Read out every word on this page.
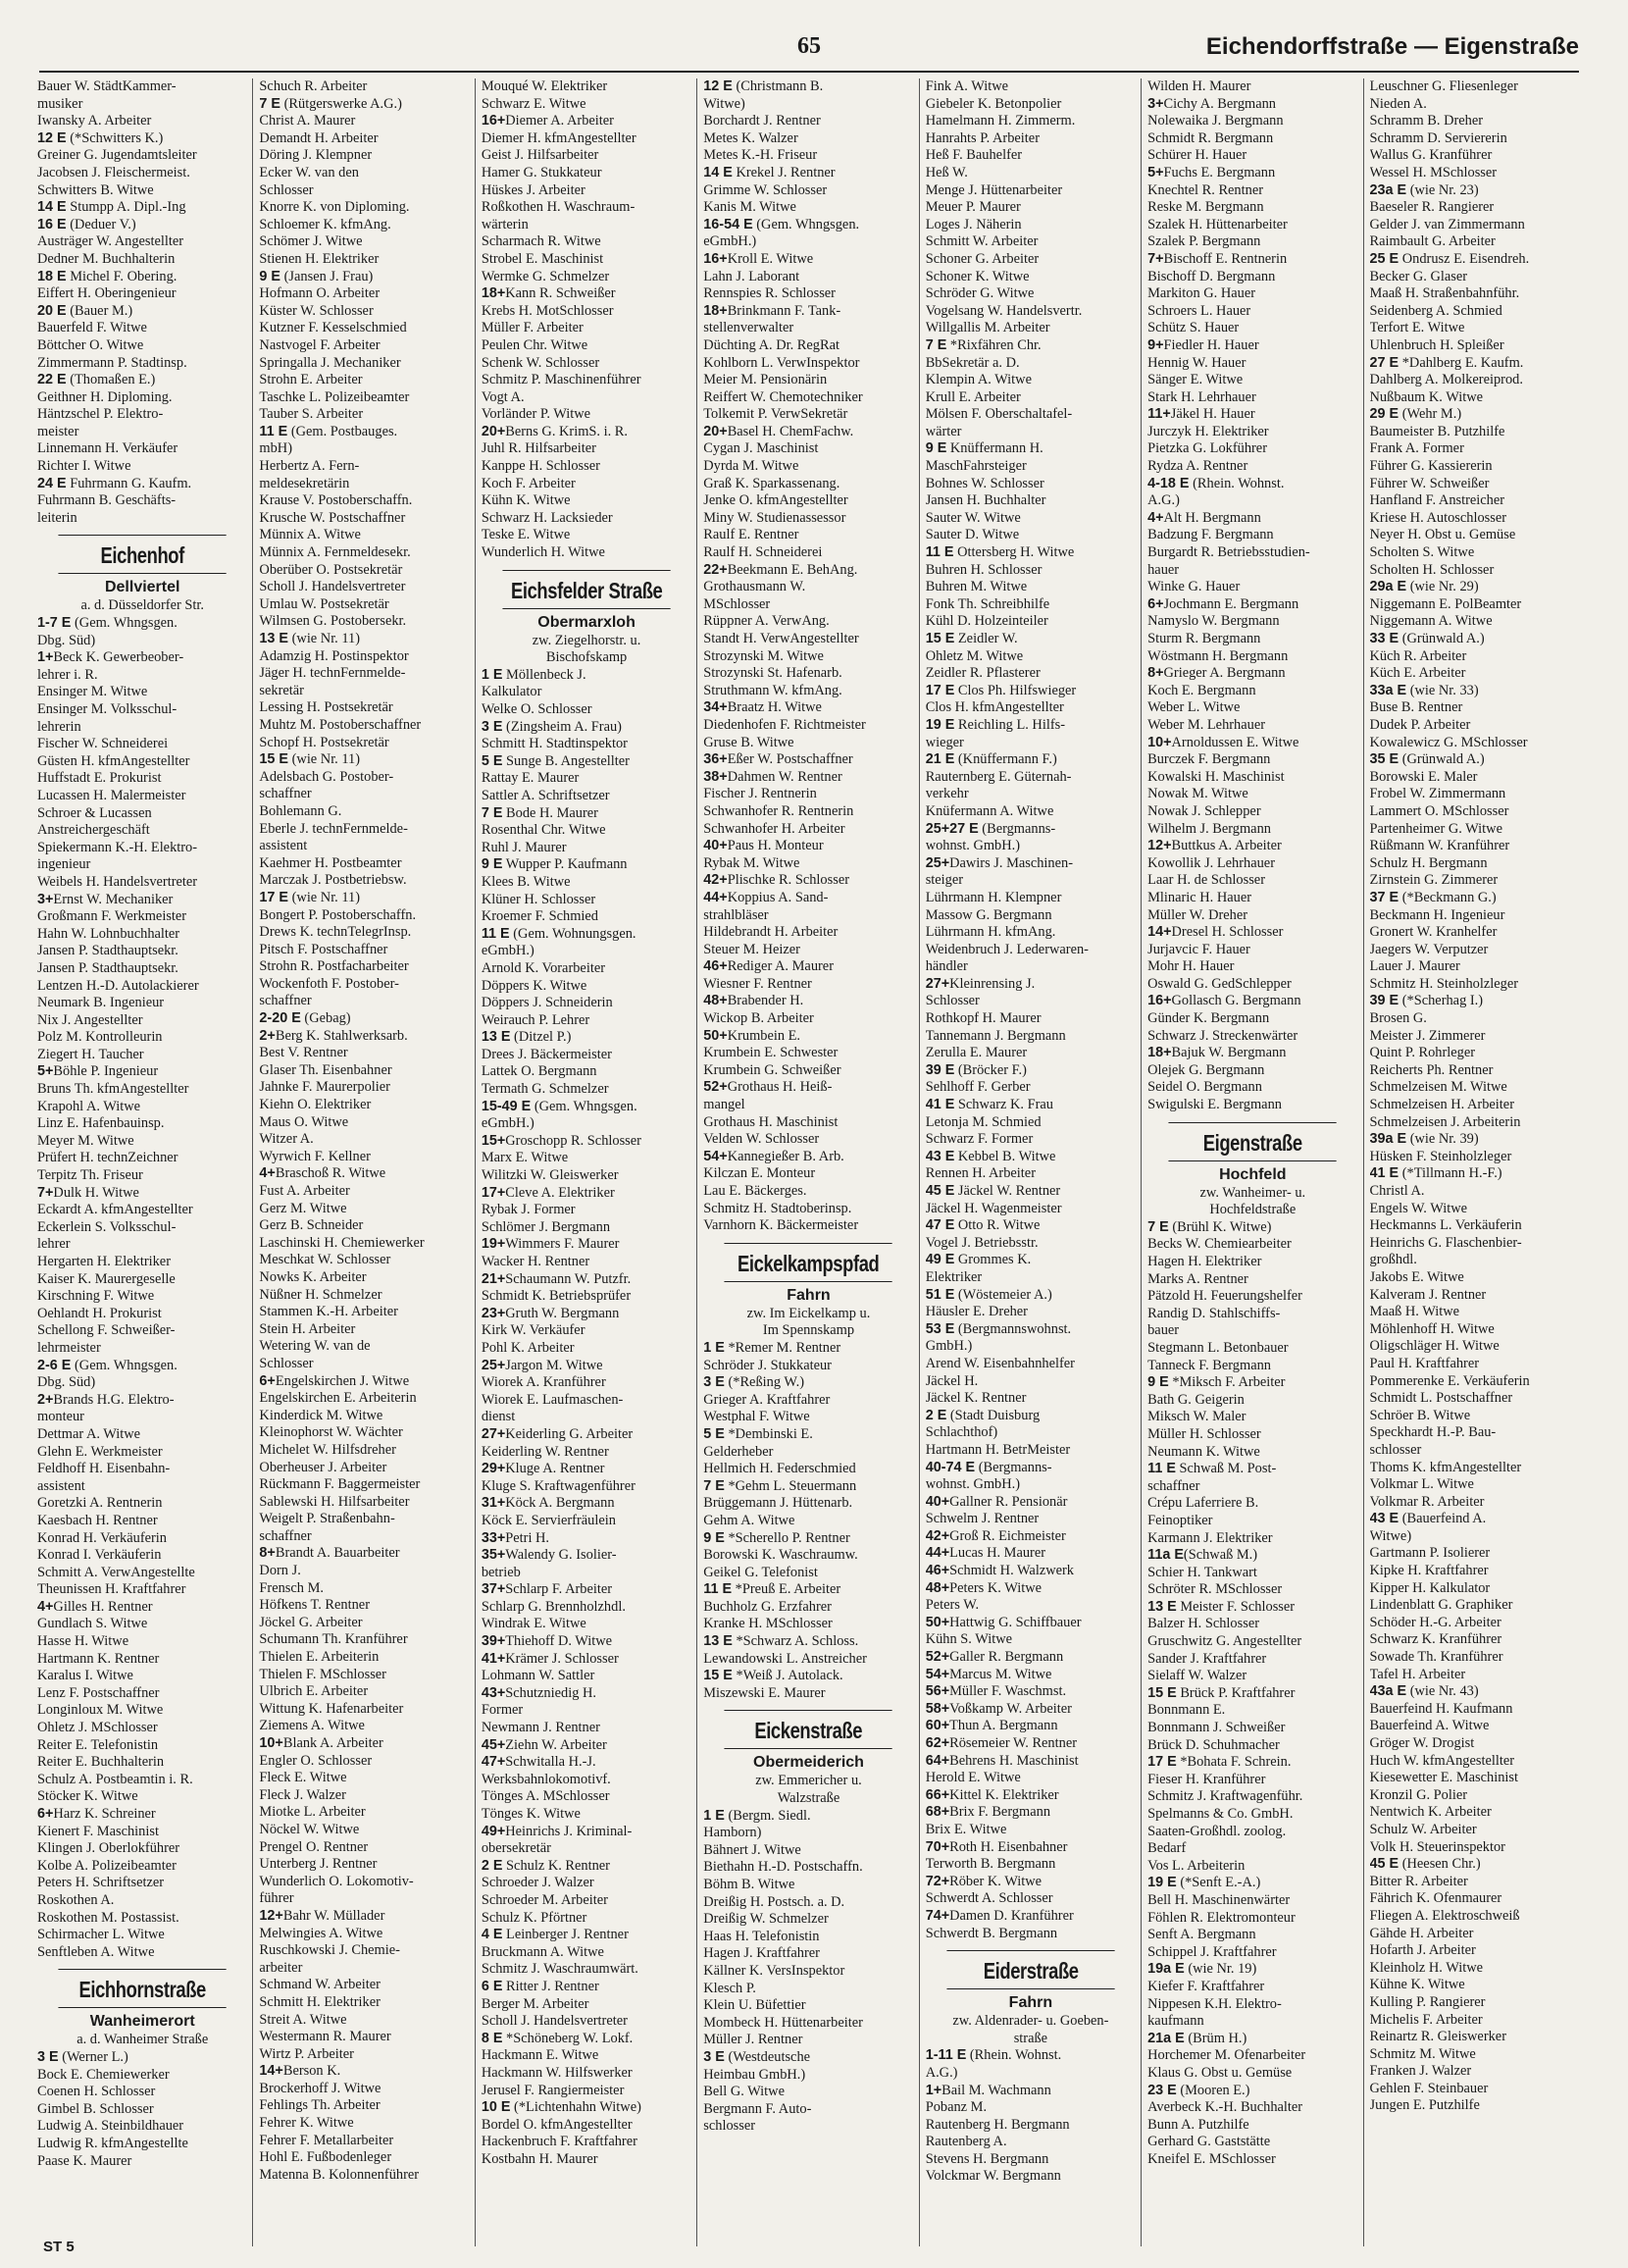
65	Eichendorffstraße — Eigenstraße
Bauer W. StädtKammer-
musiker
Iwansky A. Arbeiter
12 E (*Schwitters K.)
Greiner G. Jugendamtsleiter
Jacobsen J. Fleischermeist.
Schwitters B. Witwe
14 E Stumpp A. Dipl.-Ing
16 E (Deduer V.)
Austräger W. Angestellter
Dedner M. Buchhalterin
18 E Michel F. Obering.
Eiffert H. Oberingenieur
20 E (Bauer M.)
Bauerfeld F. Witwe
Böttcher O. Witwe
Zimmermann P. Stadtinsp.
22 E (Thomaßen E.)
Geithner H. Diploming.
Häntzschel P. Elektro-
meister
Linnemann H. Verkäufer
Richter I. Witwe
24 E Fuhrmann G. Kaufm.
Fuhrmann B. Geschäfts-
leiterin
Eichenhof
Dellviertel
a. d. Düsseldorfer Str.
1-7 E (Gem. Whngsgen.
Dbg. Süd)
1+Beck K. Gewerbeober-
lehrer i. R.
Ensinger M. Witwe
Ensinger M. Volksschul-
lehrerin
Fischer W. Schneiderei
Güsten H. kfmAngestellter
Huffstadt E. Prokurist
Lucassen H. Malermeister
Schroer & Lucassen
Anstreichergeschäft
Spiekermann K.-H. Elektro-
ingenieur
Weibels H. Handelsvertreter
3+Ernst W. Mechaniker
Großmann F. Werkmeister
Hahn W. Lohnbuchhalter
Jansen P. Stadthauptsekr.
Jansen P. Stadthauptsekr.
Lentzen H.-D. Autolackierer
Neumark B. Ingenieur
Nix J. Angestellter
Polz M. Kontrolleurin
Ziegert H. Taucher
5+Böhle P. Ingenieur
Bruns Th. kfmAngestellter
Krapohl A. Witwe
Linz E. Hafenbauinsp.
Meyer M. Witwe
Prüfert H. technZeichner
Terpitz Th. Friseur
7+Dulk H. Witwe
Eckardt A. kfmAngestellter
Eckerlein S. Volksschul-
lehrer
Hergarten H. Elektriker
Kaiser K. Maurergeselle
Kirschning F. Witwe
Oehlandt H. Prokurist
Schellong F. Schweißer-
lehrmeister
2-6 E (Gem. Whngsgen.
Dbg. Süd)
2+Brands H.G. Elektro-
monteur
Dettmar A. Witwe
Glehn E. Werkmeister
Feldhoff H. Eisenbahn-
assistent
Goretzki A. Rentnerin
Kaesbach H. Rentner
Konrad H. Verkäuferin
Konrad I. Verkäuferin
Schmitt A. VerwAngestellte
Theunissen H. Kraftfahrer
4+Gilles H. Rentner
Gundlach S. Witwe
Hasse H. Witwe
Hartmann K. Rentner
Karalus I. Witwe
Lenz F. Postschaffner
Longinloux M. Witwe
Ohletz J. MSchlosser
Reiter E. Telefonistin
Reiter E. Buchhalterin
Schulz A. Postbeamtin i. R.
Stöcker K. Witwe
6+Harz K. Schreiner
Kienert F. Maschinist
Klingen J. Oberlokführer
Kolbe A. Polizeibeamter
Peters H. Schriftsetzer
Roskothen A.
Roskothen M. Postassist.
Schirmacher L. Witwe
Senftleben A. Witwe
Eichhornstraße
Wanheimerort
a. d. Wanheimer Straße
3 E (Werner L.)
Bock E. Chemiewerker
Coenen H. Schlosser
Gimbel B. Schlosser
Ludwig A. Steinbildhauer
Ludwig R. kfmAngestellte
Paase K. Maurer
Schuch R. Arbeiter
7 E (Rütgerswerke A.G.)
Christ A. Maurer
Demandt H. Arbeiter
Döring J. Klempner
Ecker W. van den
Schlosser
Knorre K. von Diploming.
Schloemer K. kfmAng.
Schömer J. Witwe
Stienen H. Elektriker
9 E (Jansen J. Frau)
Hofmann O. Arbeiter
Küster W. Schlosser
Kutzner F. Kesselschmied
Nastvogel F. Arbeiter
Springalla J. Mechaniker
Strohn E. Arbeiter
Taschke L. Polizeibeamter
Tauber S. Arbeiter
11 E (Gem. Postbauges.
mbH)
Herbertz A. Fern-
meldesekretärin
Krause V. Postoberschaffn.
Krusche W. Postschaffner
Münnix A. Witwe
Münnix A. Fernmeldesekr.
Oberüber O. Postsekretär
Scholl J. Handelsvertreter
Umlau W. Postsekretär
Wilmsen G. Postobersekr.
13 E (wie Nr. 11)
Adamzig H. Postinspektor
Jäger H. technFernmelde-
sekretär
Lessing H. Postsekretär
Muhtz M. Postoberschaffner
Schopf H. Postsekretär
15 E (wie Nr. 11)
Adelsbach G. Postober-
schaffner
Bohlemann G.
Eberle J. technFernmelde-
assistent
Kaehmer H. Postbeamter
Marczak J. Postbetriebsw.
17 E (wie Nr. 11)
Bongert P. Postoberschaffn.
Drews K. technTelegrInsp.
Pitsch F. Postschaffner
Strohn R. Postfacharbeiter
Wockenfoth F. Postober-
schaffner
2-20 E (Gebag)
2+Berg K. Stahlwerksarb.
Best V. Rentner
Glaser Th. Eisenbahner
Jahnke F. Maurerpolier
Kiehn O. Elektriker
Maus O. Witwe
Witzer A.
Wyrwich F. Kellner
4+Braschoß R. Witwe
Fust A. Arbeiter
Gerz M. Witwe
Gerz B. Schneider
Laschinski H. Chemiewerker
Meschkat W. Schlosser
Nowks K. Arbeiter
Nüßner H. Schmelzer
Stammen K.-H. Arbeiter
Stein H. Arbeiter
Wetering W. van de
Schlosser
6+Engelskirchen J. Witwe
Engelskirchen E. Arbeiterin
Kinderdick M. Witwe
Kleinophorst W. Wächter
Michelet W. Hilfsdreher
Oberheuser J. Arbeiter
Rückmann F. Baggermeister
Sablewski H. Hilfsarbeiter
Weigelt P. Straßenbahn-
schaffner
8+Brandt A. Bauarbeiter
Dorn J.
Frensch M.
Höfkens T. Rentner
Jöckel G. Arbeiter
Schumann Th. Kranführer
Thielen E. Arbeiterin
Thielen F. MSchlosser
Ulbrich E. Arbeiter
Wittung K. Hafenarbeiter
Ziemens A. Witwe
10+Blank A. Arbeiter
Engler O. Schlosser
Fleck E. Witwe
Fleck J. Walzer
Miotke L. Arbeiter
Nöckel W. Witwe
Prengel O. Rentner
Unterberg J. Rentner
Wunderlich O. Lokomotiv-
führer
12+Bahr W. Müllader
Melwingies A. Witwe
Ruschkowski J. Chemie-
arbeiter
Schmand W. Arbeiter
Schmitt H. Elektriker
Streit A. Witwe
Westermann R. Maurer
Wirtz P. Arbeiter
14+Berson K.
Brockerhoff J. Witwe
Fehlings Th. Arbeiter
Fehrer K. Witwe
Fehrer F. Metallarbeiter
Hohl E. Fußbodenleger
Matenna B. Kolonnenführer
Mouqué W. Elektriker
Schwarz E. Witwe
16+Diemer A. Arbeiter
Diemer H. kfmAngestellter
Geist J. Hilfsarbeiter
Hamer G. Stukkateur
Hüskes J. Arbeiter
Roßkothen H. Waschraum-
wärterin
Scharmach R. Witwe
Strobel E. Maschinist
Wermke G. Schmelzer
18+Kann R. Schweißer
Krebs H. MotSchlosser
Müller F. Arbeiter
Peulen Chr. Witwe
Schenk W. Schlosser
Schmitz P. Maschinenführer
Vogt A.
Vorländer P. Witwe
20+Berns G. KrimS. i. R.
Juhl R. Hilfsarbeiter
Kanppe H. Schlosser
Koch F. Arbeiter
Kühn K. Witwe
Schwarz H. Lacksieder
Teske E. Witwe
Wunderlich H. Witwe
Eichsfelder Straße
Obermarxloh
zw. Ziegelhorstr. u.
Bischofskamp
1 E Möllenbeck J.
Kalkulator
Welke O. Schlosser
3 E (Zingsheim A. Frau)
Schmitt H. Stadtinspektor
5 E Sunge B. Angestellter
Rattay E. Maurer
Sattler A. Schriftsetzer
7 E Bode H. Maurer
Rosenthal Chr. Witwe
Ruhl J. Maurer
9 E Wupper P. Kaufmann
Klees B. Witwe
Klüner H. Schlosser
Kroemer F. Schmied
11 E (Gem. Wohnungsgen.
eGmbH.)
Arnold K. Vorarbeiter
Döppers K. Witwe
Döppers J. Schneiderin
Weirauch P. Lehrer
13 E (Ditzel P.)
Drees J. Bäckermeister
Lattek O. Bergmann
Termath G. Schmelzer
15-49 E (Gem. Whngsgen.
eGmbH.)
15+Groschopp R. Schlosser
Marx E. Witwe
Wilitzki W. Gleiswerker
17+Cleve A. Elektriker
Rybak J. Former
Schlömer J. Bergmann
19+Wimmers F. Maurer
Wacker H. Rentner
21+Schaumann W. Putzfr.
Schmidt K. Betriebsprüfer
23+Gruth W. Bergmann
Kirk W. Verkäufer
Pohl K. Arbeiter
25+Jargon M. Witwe
Wiorek A. Kranführer
Wiorek E. Laufmaschen-
dienst
27+Keiderling G. Arbeiter
Keiderling W. Rentner
29+Kluge A. Rentner
Kluge S. Kraftwagenführer
31+Köck A. Bergmann
Köck E. Servierfräulein
33+Petri H.
35+Walendy G. Isolier-
betrieb
37+Schlarp F. Arbeiter
Schlarp G. Brennholzhdl.
Windrak E. Witwe
39+Thiehoff D. Witwe
41+Krämer J. Schlosser
Lohmann W. Sattler
43+Schutzniedig H.
Former
Newmann J. Rentner
45+Ziehn W. Arbeiter
47+Schwitalla H.-J.
Werksbahnlokomotivf.
Tönges A. MSchlosser
Tönges K. Witwe
49+Heinrichs J. Kriminal-
obersekretär
2 E Schulz K. Rentner
Schroeder J. Walzer
Schroeder M. Arbeiter
Schulz K. Pförtner
4 E Leinberger J. Rentner
Bruckmann A. Witwe
Schmitz J. Waschraumwärt.
6 E Ritter J. Rentner
Berger M. Arbeiter
Scholl J. Handelsvertreter
8 E *Schöneberg W. Lokf.
Hackmann E. Witwe
Hackmann W. Hilfswerker
Jerusel F. Rangiermeister
10 E (*Lichtenhahn Witwe)
Bordel O. kfmAngestellter
Hackenbruch F. Kraftfahrer
Kostbahn H. Maurer
12 E (Christmann B.
Witwe)
Borchardt J. Rentner
Metes K. Walzer
Metes K.-H. Friseur
14 E Krekel J. Rentner
Grimme W. Schlosser
Kanis M. Witwe
16-54 E (Gem. Whngsgen.
eGmbH.)
16+Kroll E. Witwe
Lahn J. Laborant
Rennspies R. Schlosser
18+Brinkmann F. Tank-
stellenverwalter
Düchting A. Dr. RegRat
Kohlborn L. VerwInspektor
Meier M. Pensionärin
Reiffert W. Chemotechniker
Tolkemit P. VerwSekretär
20+Basel H. ChemFachw.
Cygan J. Maschinist
Dyrda M. Witwe
Graß K. Sparkassenang.
Jenke O. kfmAngestellter
Miny W. Studienassessor
Raulf E. Rentner
Raulf H. Schneiderei
22+Beekmann E. BehAng.
Grothausmann W.
MSchlosser
Rüppner A. VerwAng.
Standt H. VerwAngestellter
Strozynski M. Witwe
Strozynski St. Hafenarb.
Struthmann W. kfmAng.
34+Braatz H. Witwe
Diedenhofen F. Richtmeister
Gruse B. Witwe
36+Eßer W. Postschaffner
38+Dahmen W. Rentner
Fischer J. Rentnerin
Schwanhofer R. Rentnerin
Schwanhofer H. Arbeiter
40+Paus H. Monteur
Rybak M. Witwe
42+Plischke R. Schlosser
44+Koppius A. Sand-
strahlbläser
Hildebrandt H. Arbeiter
Steuer M. Heizer
46+Rediger A. Maurer
Wiesner F. Rentner
48+Brabender H.
Wickop B. Arbeiter
50+Krumbein E.
Krumbein E. Schwester
Krumbein G. Schweißer
52+Grothaus H. Heiß-
mangel
Grothaus H. Maschinist
Velden W. Schlosser
54+Kannegießer B. Arb.
Kilczan E. Monteur
Lau E. Bäckerges.
Schmitz H. Stadtoberinsp.
Varnhorn K. Bäckermeister
Eickelkampspfad
Fahrn
zw. Im Eickelkamp u.
Im Spennskamp
1 E *Remer M. Rentner
Schröder J. Stukkateur
3 E (*Reßing W.)
Grieger A. Kraftfahrer
Westphal F. Witwe
5 E *Dembinski E.
Gelderheber
Hellmich H. Federschmied
7 E *Gehm L. Steuermann
Brüggemann J. Hüttenarb.
Gehm A. Witwe
9 E *Scherello P. Rentner
Borowski K. Waschraumw.
Geikel G. Telefonist
11 E *Preuß E. Arbeiter
Buchholz G. Erzfahrer
Kranke H. MSchlosser
13 E *Schwarz A. Schloss.
Lewandowski L. Anstreicher
15 E *Weiß J. Autolack.
Miszewski E. Maurer
Eickenstraße
Obermeiderich
zw. Emmericher u.
Walzstraße
1 E (Bergm. Siedl.
Hamborn)
Bähnert J. Witwe
Biethahn H.-D. Postschaffn.
Böhm B. Witwe
Dreißig H. Postsch. a. D.
Dreißig W. Schmelzer
Haas H. Telefonistin
Hagen J. Kraftfahrer
Källner K. VersInspektor
Klesch P.
Klein U. Büfettier
Mombeck H. Hüttenarbeiter
Müller J. Rentner
3 E (Westdeutsche
Heimbau GmbH.)
Bell G. Witwe
Bergmann F. Auto-
schlosser
Fink A. Witwe
Giebeler K. Betonpolier
Hamelmann H. Zimmerm.
Hanrahts P. Arbeiter
Heß F. Bauhelfer
Heß W.
Menge J. Hüttenarbeiter
Meuer P. Maurer
Loges J. Näherin
Schmitt W. Arbeiter
Schoner G. Arbeiter
Schoner K. Witwe
Schröder G. Witwe
Vogelsang W. Handelsvertr.
Willgallis M. Arbeiter
7 E *Rixfähren Chr.
BbSekretär a. D.
Klempin A. Witwe
Krull E. Arbeiter
Mölsen F. Oberschaltafel-
wärter
9 E Knüffermann H.
MaschFahrsteiger
Bohnes W. Schlosser
Jansen H. Buchhalter
Sauter W. Witwe
Sauter D. Witwe
11 E Ottersberg H. Witwe
Buhren H. Schlosser
Buhren M. Witwe
Fonk Th. Schreibhilfe
Kühl D. Holzeinteiler
15 E Zeidler W.
Ohletz M. Witwe
Zeidler R. Pflasterer
17 E Clos Ph. Hilfswieger
Clos H. kfmAngestellter
19 E Reichling L. Hilfs-
wieger
21 E (Knüffermann F.)
Rauternberg E. Güternah-
verkehr
Knüfermann A. Witwe
25+27 E (Bergmanns-
wohnst. GmbH.)
25+Dawirs J. Maschinen-
steiger
Lührmann H. Klempner
Massow G. Bergmann
Lührmann H. kfmAng.
Weidenbruch J. Lederwaren-
händler
27+Kleinrensing J.
Schlosser
Rothkopf H. Maurer
Tannemann J. Bergmann
Zerulla E. Maurer
39 E (Bröcker F.)
Sehlhoff F. Gerber
41 E Schwarz K. Frau
Letonja M. Schmied
Schwarz F. Former
43 E Kebbel B. Witwe
Rennen H. Arbeiter
45 E Jäckel W. Rentner
Jäckel H. Wagenmeister
47 E Otto R. Witwe
Vogel J. Betriebsstr.
49 E Grommes K.
Elektriker
51 E (Wöstemeier A.)
Häusler E. Dreher
53 E (Bergmannswohnst.
GmbH.)
Arend W. Eisenbahnhelfer
Jäckel H.
Jäckel K. Rentner
2 E (Stadt Duisburg
Schlachthof)
Hartmann H. BetrMeister
40-74 E (Bergmanns-
wohnst. GmbH.)
40+Gallner R. Pensionär
Schwelm J. Rentner
42+Groß R. Eichmeister
44+Lucas H. Maurer
46+Schmidt H. Walzwerk
48+Peters K. Witwe
Peters W.
50+Hattwig G. Schiffbauer
Kühn S. Witwe
52+Galler R. Bergmann
54+Marcus M. Witwe
56+Müller F. Waschmst.
58+Voßkamp W. Arbeiter
60+Thun A. Bergmann
62+Rösemeier W. Rentner
64+Behrens H. Maschinist
Herold E. Witwe
66+Kittel K. Elektriker
68+Brix F. Bergmann
Brix E. Witwe
70+Roth H. Eisenbahner
Terworth B. Bergmann
72+Röber K. Witwe
Schwerdt A. Schlosser
74+Damen D. Kranführer
Schwerdt B. Bergmann
Eiderstraße
Fahrn
zw. Aldenrader- u. Goeben-
straße
1-11 E (Rhein. Wohnst.
A.G.)
1+Bail M. Wachmann
Pobanz M.
Rautenberg H. Bergmann
Rautenberg A.
Stevens H. Bergmann
Volckmar W. Bergmann
Wilden H. Maurer
3+Cichy A. Bergmann
Nolewaika J. Bergmann
Schmidt R. Bergmann
Schürer H. Hauer
5+Fuchs E. Bergmann
Knechtel R. Rentner
Reske M. Bergmann
Szalek H. Hüttenarbeiter
Szalek P. Bergmann
7+Bischoff E. Rentnerin
Bischoff D. Bergmann
Markiton G. Hauer
Schroers L. Hauer
Schütz S. Hauer
9+Fiedler H. Hauer
Hennig W. Hauer
Sänger E. Witwe
Stark H. Lehrhauer
11+Jäkel H. Hauer
Jurczyk H. Elektriker
Pietzka G. Lokführer
Rydza A. Rentner
4-18 E (Rhein. Wohnst.
A.G.)
4+Alt H. Bergmann
Badzung F. Bergmann
Burgardt R. Betriebsstudien-
hauer
Winke G. Hauer
6+Jochmann E. Bergmann
Namyslo W. Bergmann
Sturm R. Bergmann
Wöstmann H. Bergmann
8+Grieger A. Bergmann
Koch E. Bergmann
Weber L. Witwe
Weber M. Lehrhauer
10+Arnoldussen E. Witwe
Burczek F. Bergmann
Kowalski H. Maschinist
Nowak M. Witwe
Nowak J. Schlepper
Wilhelm J. Bergmann
12+Buttkus A. Arbeiter
Kowollik J. Lehrhauer
Laar H. de Schlosser
Mlinaric H. Hauer
Müller W. Dreher
14+Dresel H. Schlosser
Jurjavcic F. Hauer
Mohr H. Hauer
Oswald G. GedSchlepper
16+Gollasch G. Bergmann
Günder K. Bergmann
Schwarz J. Streckenwärter
18+Bajuk W. Bergmann
Olejek G. Bergmann
Seidel O. Bergmann
Swigulski E. Bergmann
Eigenstraße
Hochfeld
zw. Wanheimer- u.
Hochfeldstraße
7 E (Brühl K. Witwe)
Becks W. Chemiearbeiter
Hagen H. Elektriker
Marks A. Rentner
Pätzold H. Feuerungshelfer
Randig D. Stahlschiffs-
bauer
Stegmann L. Betonbauer
Tanneck F. Bergmann
9 E *Miksch F. Arbeiter
Bath G. Geigerin
Miksch W. Maler
Müller H. Schlosser
Neumann K. Witwe
11 E Schwaß M. Post-
schaffner
Crépu Laferriere B.
Feinoptiker
Karmann J. Elektriker
11a E(Schwaß M.)
Schier H. Tankwart
Schröter R. MSchlosser
13 E Meister F. Schlosser
Balzer H. Schlosser
Gruschwitz G. Angestellter
Sander J. Kraftfahrer
Sielaff W. Walzer
15 E Brück P. Kraftfahrer
Bonnmann E.
Bonnmann J. Schweißer
Brück D. Schuhmacher
17 E *Bohata F. Schrein.
Fieser H. Kranführer
Schmitz J. Kraftwagenführ.
Spelmanns & Co. GmbH.
Saaten-Großhdl. zoolog.
Bedarf
Vos L. Arbeiterin
19 E (*Senft E.-A.)
Bell H. Maschinenwärter
Föhlen R. Elektromonteur
Senft A. Bergmann
Schippel J. Kraftfahrer
19a E (wie Nr. 19)
Kiefer F. Kraftfahrer
Nippesen K.H. Elektro-
kaufmann
21a E (Brüm H.)
Horchemer M. Ofenarbeiter
Klaus G. Obst u. Gemüse
23 E (Mooren E.)
Averbeck K.-H. Buchhalter
Bunn A. Putzhilfe
Gerhard G. Gaststätte
Kneifel E. MSchlosser
Leuschner G. Fliesenleger
Nieden A.
Schramm B. Dreher
Schramm D. Serviererin
Wallus G. Kranführer
Wessel H. MSchlosser
23a E (wie Nr. 23)
Baeseler R. Rangierer
Gelder J. van Zimmermann
Raimbault G. Arbeiter
25 E Ondrusz E. Eisendreh.
Becker G. Glaser
Maaß H. Straßenbahnführ.
Seidenberg A. Schmied
Terfort E. Witwe
Uhlenbruch H. Spleißer
27 E *Dahlberg E. Kaufm.
Dahlberg A. Molkereiprod.
Nußbaum K. Witwe
29 E (Wehr M.)
Baumeister B. Putzhilfe
Frank A. Former
Führer G. Kassiererin
Führer W. Schweißer
Hanfland F. Anstreicher
Kriese H. Autoschlosser
Neyer H. Obst u. Gemüse
Scholten S. Witwe
Scholten H. Schlosser
29a E (wie Nr. 29)
Niggemann E. PolBeamter
Niggemann A. Witwe
33 E (Grünwald A.)
Küch R. Arbeiter
Küch E. Arbeiter
33a E (wie Nr. 33)
Buse B. Rentner
Dudek P. Arbeiter
Kowalewicz G. MSchlosser
35 E (Grünwald A.)
Borowski E. Maler
Frobel W. Zimmermann
Lammert O. MSchlosser
Partenheimer G. Witwe
Rüßmann W. Kranführer
Schulz H. Bergmann
Zirnstein G. Zimmerer
37 E (*Beckmann G.)
Beckmann H. Ingenieur
Gronert W. Kranhelfer
Jaegers W. Verputzer
Lauer J. Maurer
Schmitz H. Steinholzleger
39 E (*Scherhag I.)
Brosen G.
Meister J. Zimmerer
Quint P. Rohrleger
Reicherts Ph. Rentner
Schmelzeisen M. Witwe
Schmelzeisen H. Arbeiter
Schmelzeisen J. Arbeiterin
39a E (wie Nr. 39)
Hüsken F. Steinholzleger
41 E (*Tillmann H.-F.)
Christl A.
Engels W. Witwe
Heckmanns L. Verkäuferin
Heinrichs G. Flaschenbier-
großhdl.
Jakobs E. Witwe
Kalveram J. Rentner
Maaß H. Witwe
Möhlenhoff H. Witwe
Oligschläger H. Witwe
Paul H. Kraftfahrer
Pommerenke E. Verkäuferin
Schmidt L. Postschaffner
Schröer B. Witwe
Speckhardt H.-P. Bau-
schlosser
Thoms K. kfmAngestellter
Volkmar L. Witwe
Volkmar R. Arbeiter
43 E (Bauerfeind A.
Witwe)
Gartmann P. Isolierer
Kipke H. Kraftfahrer
Kipper H. Kalkulator
Lindenblatt G. Graphiker
Schöder H.-G. Arbeiter
Schwarz K. Kranführer
Sowade Th. Kranführer
Tafel H. Arbeiter
43a E (wie Nr. 43)
Bauerfeind H. Kaufmann
Bauerfeind A. Witwe
Gröger W. Drogist
Huch W. kfmAngestellter
Kiesewetter E. Maschinist
Kronzil G. Polier
Nentwich K. Arbeiter
Schulz W. Arbeiter
Volk H. Steuerinspektor
45 E (Heesen Chr.)
Bitter R. Arbeiter
Fährich K. Ofenmaurer
Fliegen A. Elektroschweiß
Gähde H. Arbeiter
Hofarth J. Arbeiter
Kleinholz H. Witwe
Kühne K. Witwe
Kulling P. Rangierer
Michelis F. Arbeiter
Reinartz R. Gleiswerker
Schmitz M. Witwe
Franken J. Walzer
Gehlen F. Steinbauer
Jungen E. Putzhilfe
ST 5
